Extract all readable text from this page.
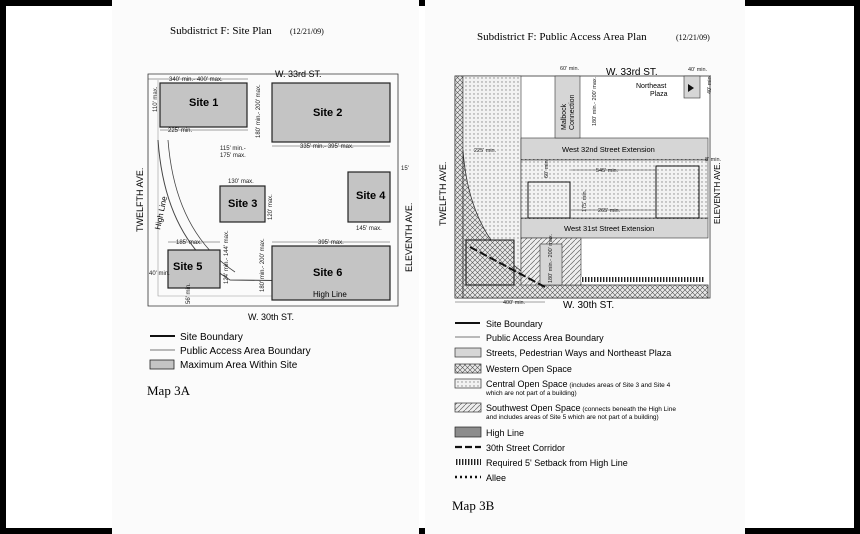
Subdistrict F: Site Plan (12/21/09)
High Line
Site 1
Site 2
Site 3
Site 4
Site 5	Site 6
High Line
W. 33rd ST.
W. 30th ST.
TWELFTH AVE.
ELEVENTH AVE.
340' min.- 400' max.
110' max.
225' min.	180' min.- 200' max.
115' min.-
175' max.
335' min.- 395' max.
15'
130' max.
120' max.
145' max.
185' max.	395' max.
124' min.- 144' max.	180' min.- 200' max.
40' min.
56' min.
Site Boundary
Public Access Area Boundary
Maximum Area Within Site
Map 3A
Subdistrict F: Public Access Area Plan	(12/21/09)
Malbock Connection
Northeast
Plaza
W. 33rd ST.
W. 30th ST.
TWELFTH AVE.	ELEVENTH AVE.
West 32nd Street Extension
West 31st Street Extension
60' min.	40' min.
180' min.- 200' max.	40' min.
225' min.
545' min.
8' min.
175' min. 265' min.
60' min.
180' min.- 200' max.
400' min.
Site Boundary
Public Access Area Boundary
Streets, Pedestrian Ways and Northeast Plaza
Western Open Space
Central Open Space (includes areas of Site 3 and Site 4
which are not part of a building)
Southwest Open Space (connects beneath the High Line
and includes areas of Site 5 which are not part of a building)
High Line
30th Street Corridor
Required 5' Setback from High Line
Allee
Map 3B
